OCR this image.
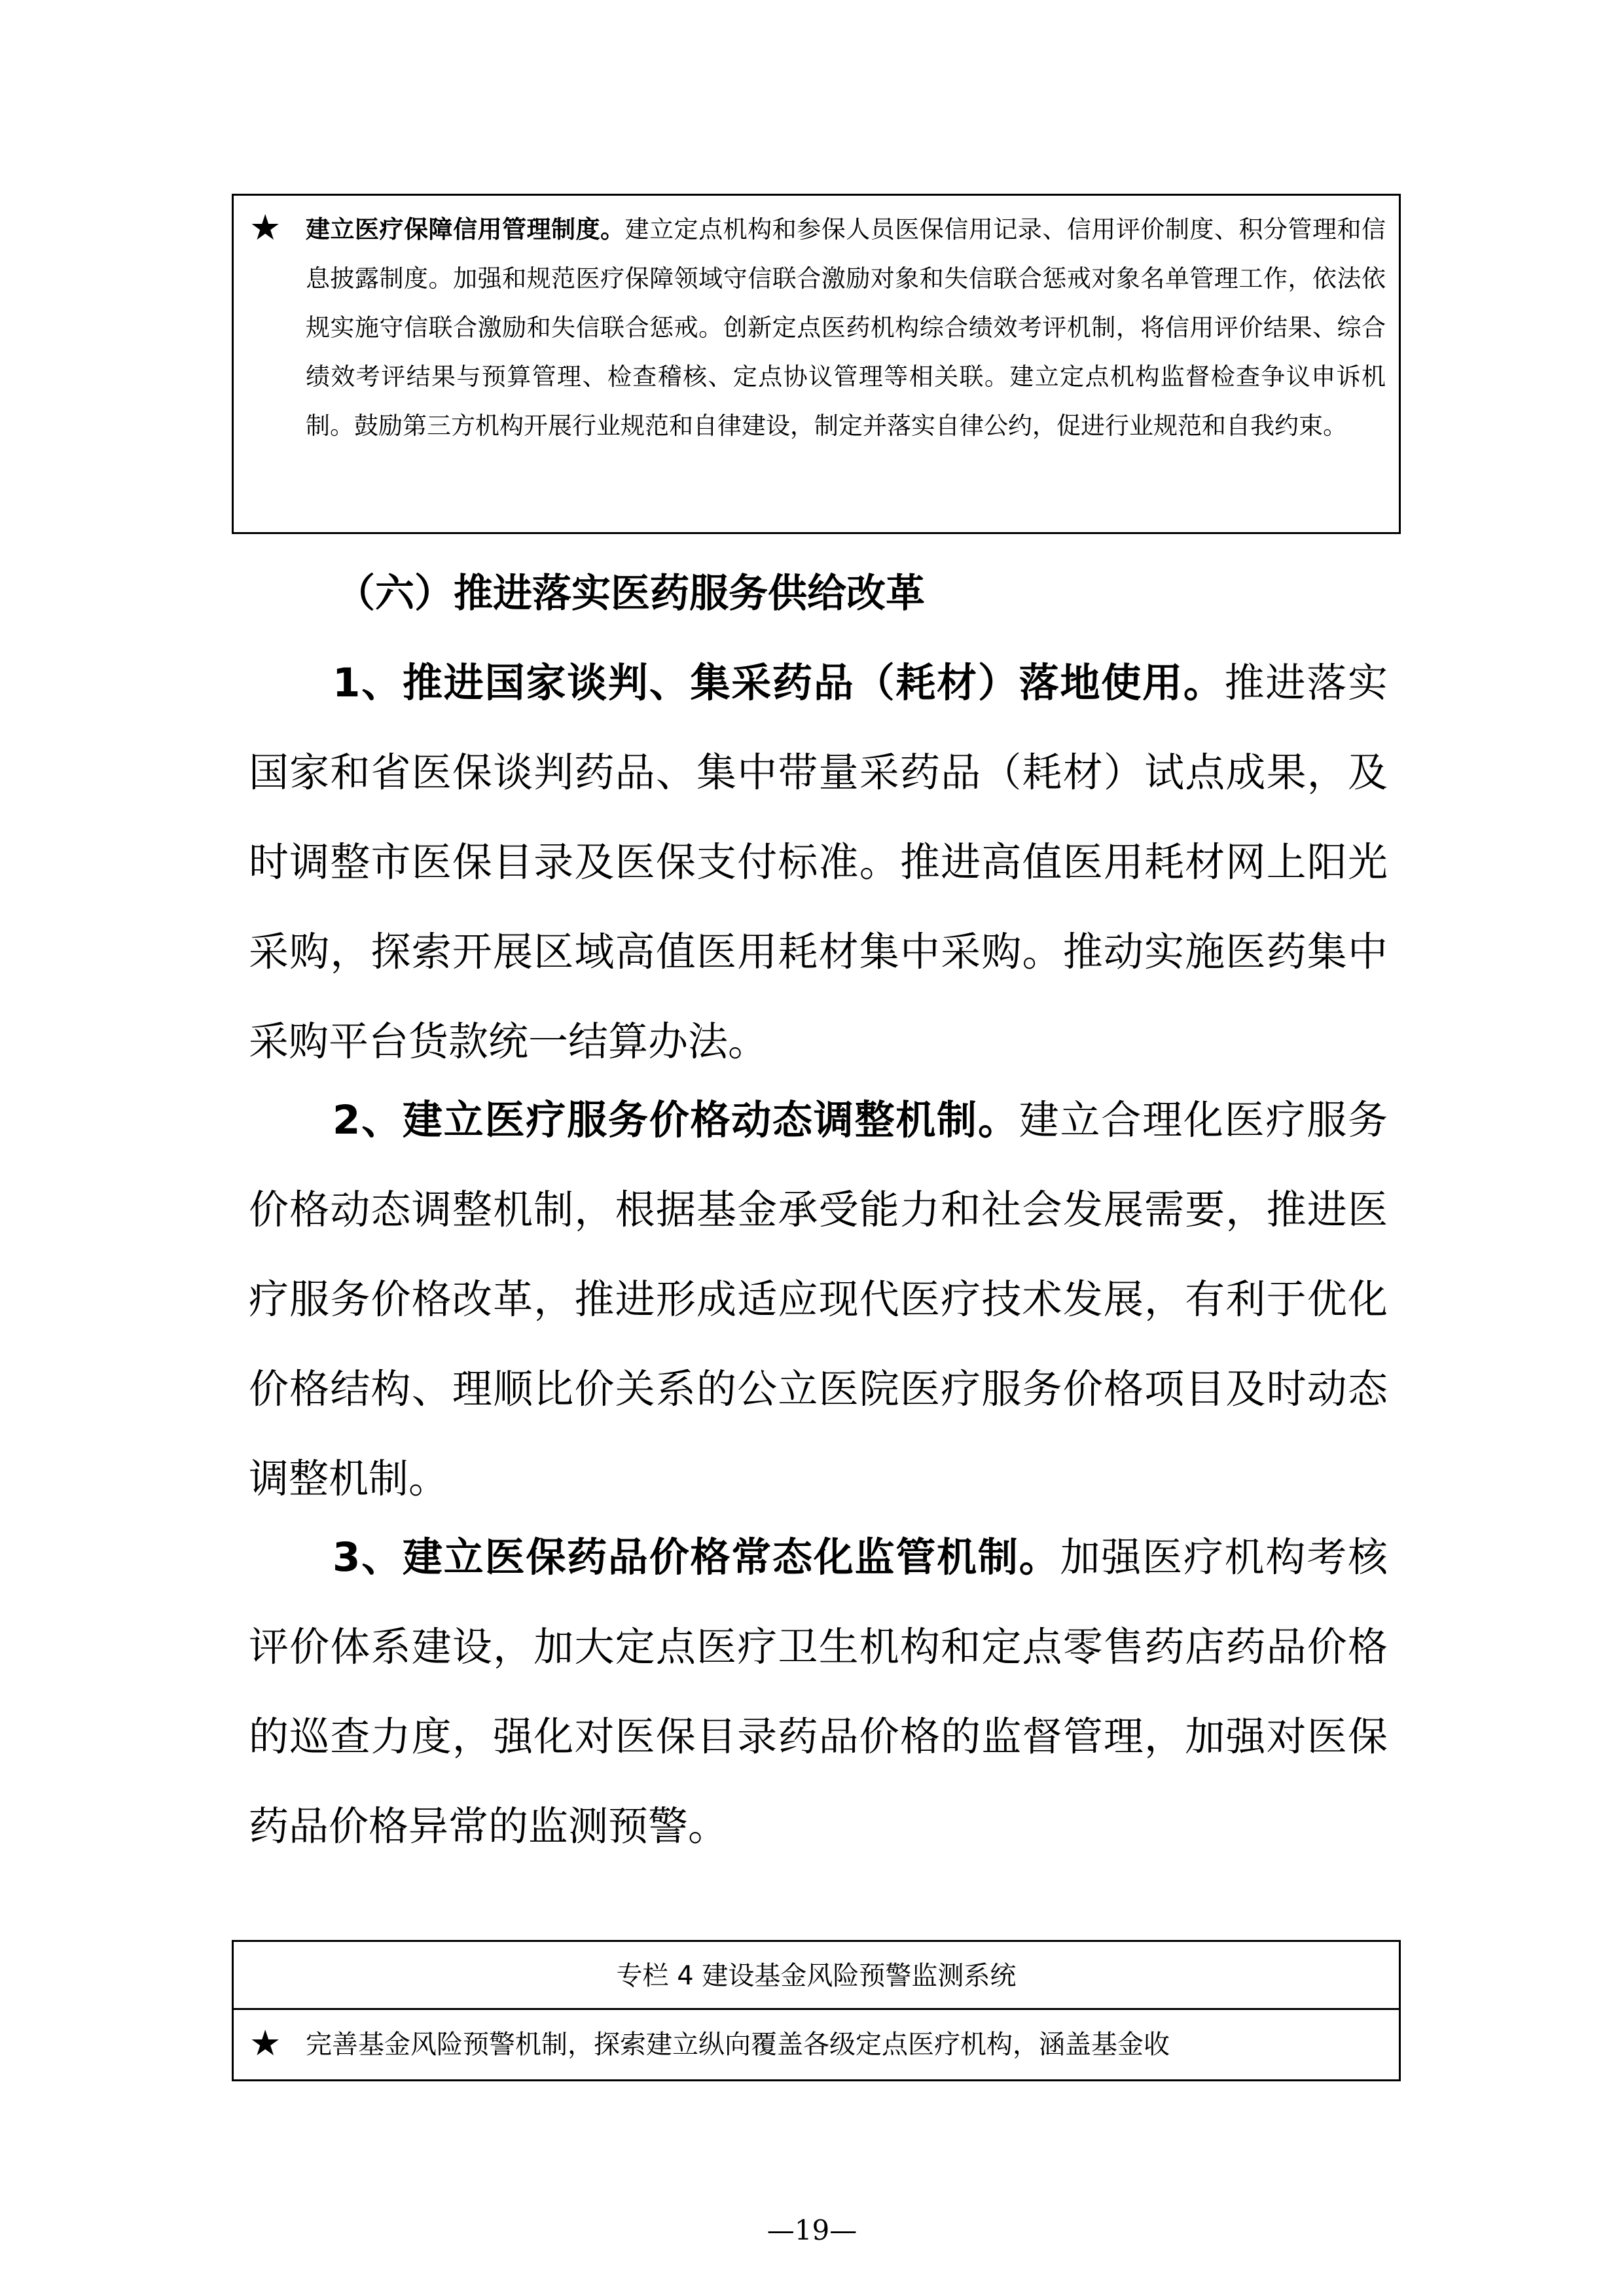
★ 建立医疗保障信用管理制度。建立定点机构和参保人员医保信用记录、信用评价制度、积分管理和信息披露制度。加强和规范医疗保障领域守信联合激励对象和失信联合惩戒对象名单管理工作，依法依规实施守信联合激励和失信联合惩戒。创新定点医药机构综合绩效考评机制，将信用评价结果、综合绩效考评结果与预算管理、检查稽核、定点协议管理等相关联。建立定点机构监督检查争议申诉机制。鼓励第三方机构开展行业规范和自律建设，制定并落实自律公约，促进行业规范和自我约束。
（六）推进落实医药服务供给改革
1、推进国家谈判、集采药品（耗材）落地使用。推进落实国家和省医保谈判药品、集中带量采药品（耗材）试点成果，及时调整市医保目录及医保支付标准。推进高值医用耗材网上阳光采购，探索开展区域高值医用耗材集中采购。推动实施医药集中采购平台货款统一结算办法。
2、建立医疗服务价格动态调整机制。建立合理化医疗服务价格动态调整机制，根据基金承受能力和社会发展需要，推进医疗服务价格改革，推进形成适应现代医疗技术发展，有利于优化价格结构、理顺比价关系的公立医院医疗服务价格项目及时动态调整机制。
3、建立医保药品价格常态化监管机制。加强医疗机构考核评价体系建设，加大定点医疗卫生机构和定点零售药店药品价格的巡查力度，强化对医保目录药品价格的监督管理，加强对医保药品价格异常的监测预警。
专栏 4 建设基金风险预警监测系统
★ 完善基金风险预警机制，探索建立纵向覆盖各级定点医疗机构，涵盖基金收
—19—
